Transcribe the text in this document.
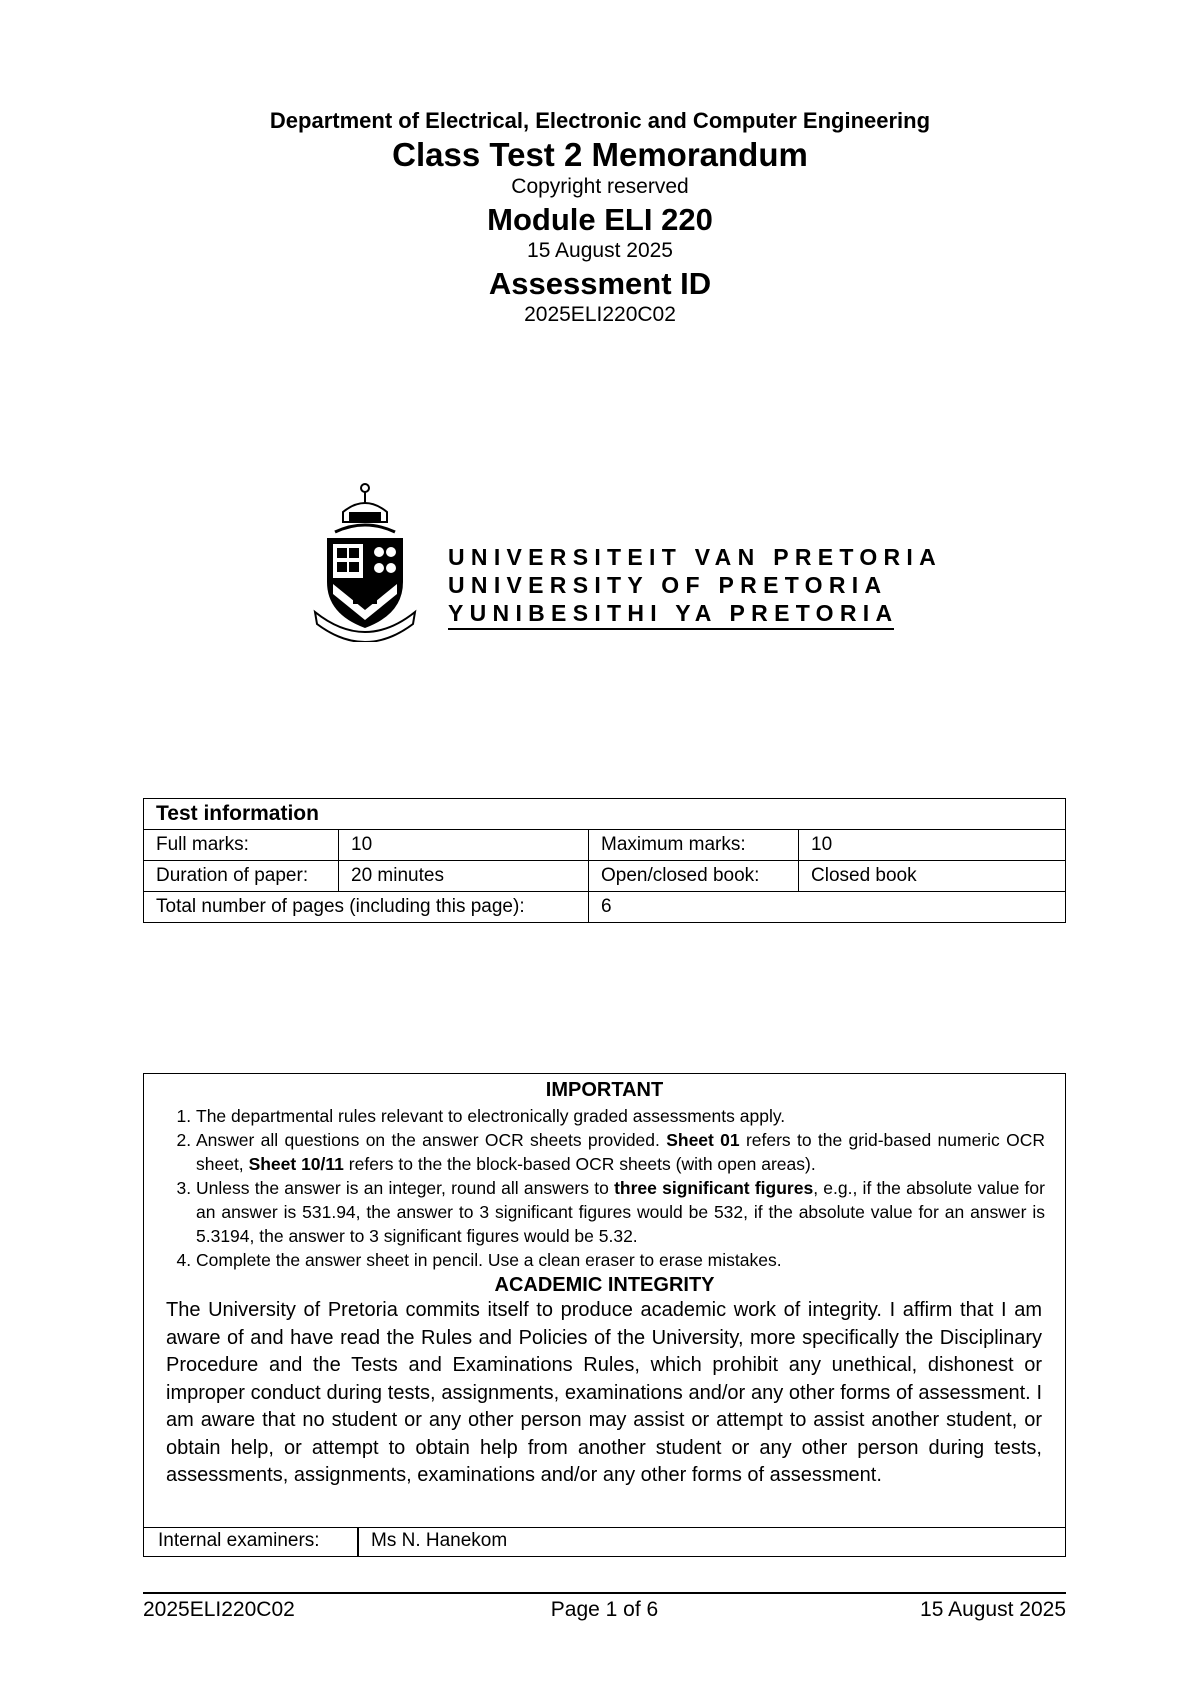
Department of Electrical, Electronic and Computer Engineering
Class Test 2 Memorandum
Copyright reserved
Module ELI 220
15 August 2025
Assessment ID
2025ELI220C02
UNIVERSITEIT VAN PRETORIA
UNIVERSITY OF PRETORIA
YUNIBESITHI YA PRETORIA
Test information			
Full marks:	10	Maximum marks:	10
Duration of paper:	20 minutes	Open/closed book:	Closed book
Total number of pages (including this page):		6	
IMPORTANT
1. The departmental rules relevant to electronically graded assessments apply.
2. Answer all questions on the answer OCR sheets provided. Sheet 01 refers to the grid-based numeric OCR sheet, Sheet 10/11 refers to the the block-based OCR sheets (with open areas).
3. Unless the answer is an integer, round all answers to three significant figures, e.g., if the absolute value for an answer is 531.94, the answer to 3 significant figures would be 532, if the absolute value for an answer is 5.3194, the answer to 3 significant figures would be 5.32.
4. Complete the answer sheet in pencil. Use a clean eraser to erase mistakes.
ACADEMIC INTEGRITY
The University of Pretoria commits itself to produce academic work of integrity. I affirm that I am aware of and have read the Rules and Policies of the University, more specifically the Disciplinary Procedure and the Tests and Examinations Rules, which prohibit any unethical, dishonest or improper conduct during tests, assignments, examinations and/or any other forms of assessment. I am aware that no student or any other person may assist or attempt to assist another student, or obtain help, or attempt to obtain help from another student or any other person during tests, assessments, assignments, examinations and/or any other forms of assessment.
Internal examiners:	Ms N. Hanekom
2025ELI220C02	Page 1 of 6	15 August 2025
